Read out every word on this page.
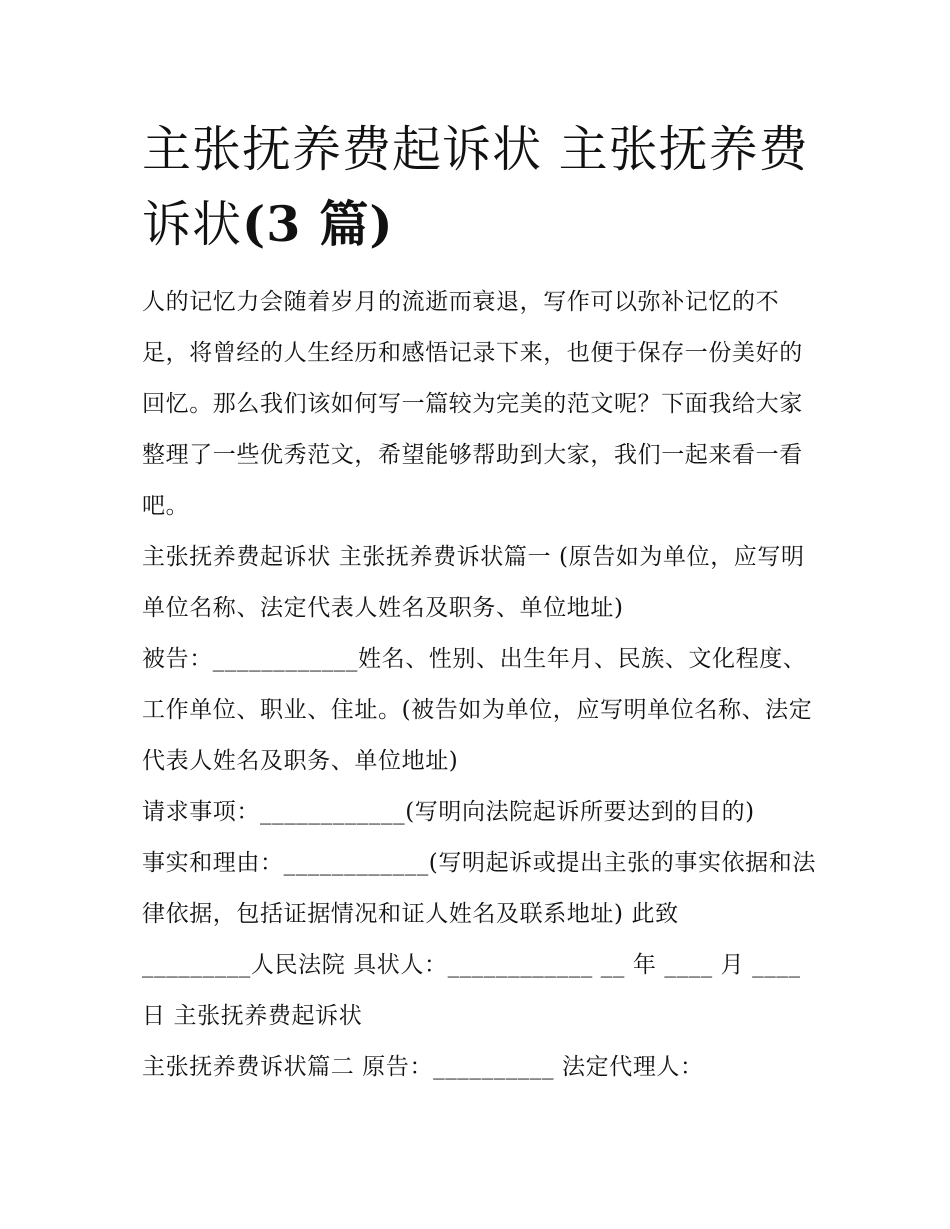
主张抚养费起诉状 主张抚养费诉状(3 篇)

人的记忆力会随着岁月的流逝而衰退，写作可以弥补记忆的不足，将曾经的人生经历和感悟记录下来，也便于保存一份美好的回忆。那么我们该如何写一篇较为完美的范文呢？下面我给大家整理了一些优秀范文，希望能够帮助到大家，我们一起来看一看吧。

主张抚养费起诉状 主张抚养费诉状篇一 (原告如为单位，应写明单位名称、法定代表人姓名及职务、单位地址)

被告：____________姓名、性别、出生年月、民族、文化程度、工作单位、职业、住址。(被告如为单位，应写明单位名称、法定代表人姓名及职务、单位地址)

请求事项：____________(写明向法院起诉所要达到的目的)

事实和理由：____________(写明起诉或提出主张的事实依据和法律依据，包括证据情况和证人姓名及联系地址) 此致

_________人民法院 具状人：____________ __ 年 ____ 月 ____ 日 主张抚养费起诉状

主张抚养费诉状篇二 原告：__________ 法定代理人：
